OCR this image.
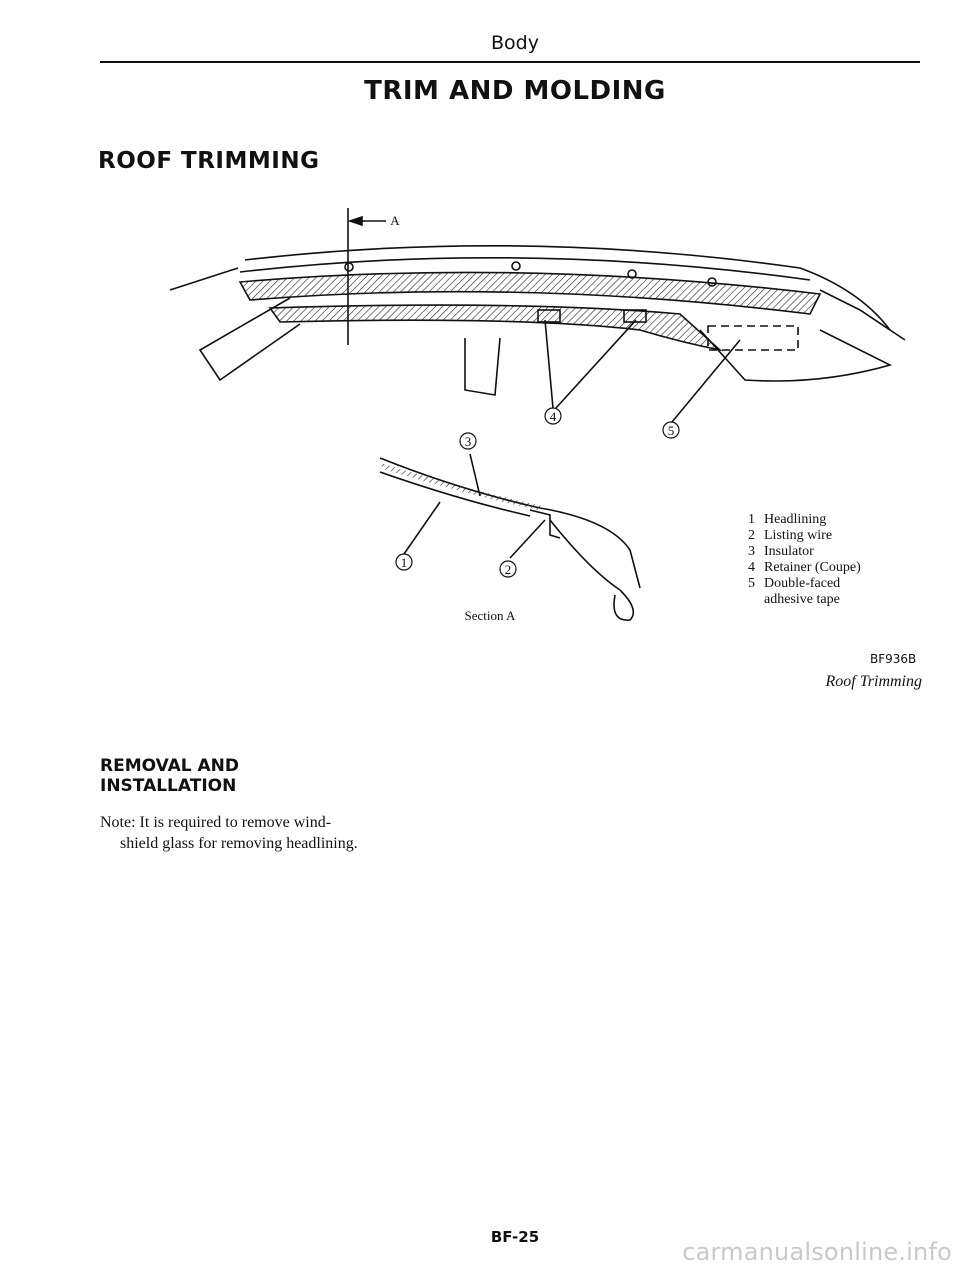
Body
TRIM AND MOLDING
ROOF TRIMMING
1	2
3
4
5
A
Section A
1 Headlining
2 Listing wire
3 Insulator
4 Retainer (Coupe)
5 Double-faced adhesive tape
BF936B
Roof Trimming
REMOVAL AND INSTALLATION
Note: It is required to remove wind-
shield glass for removing headlining.
BF-25
carmanualsonline.info
